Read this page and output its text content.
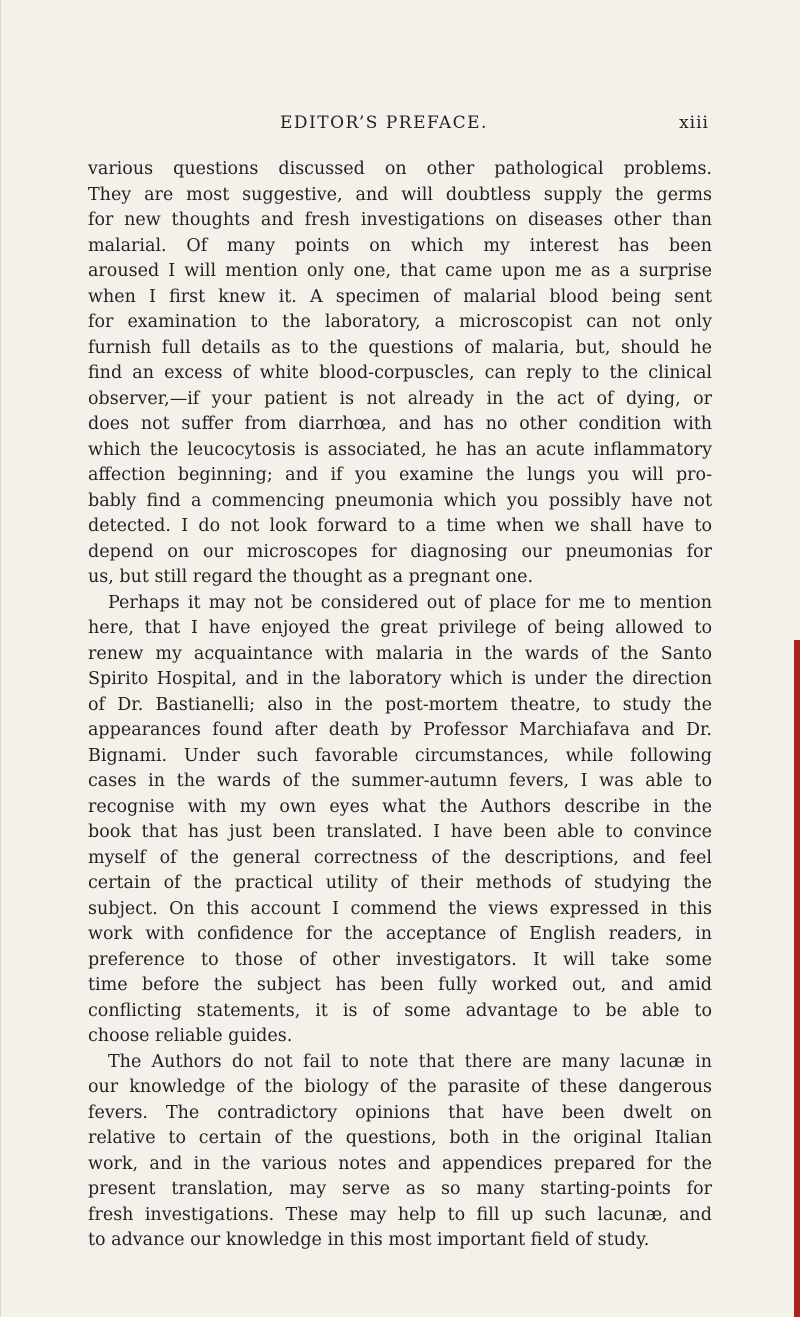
EDITOR’S PREFACE.	xiii
various questions discussed on other pathological problems.
They are most suggestive, and will doubtless supply the germs
for new thoughts and fresh investigations on diseases other than
malarial. Of many points on which my interest has been
aroused I will mention only one, that came upon me as a surprise
when I first knew it. A specimen of malarial blood being sent
for examination to the laboratory, a microscopist can not only
furnish full details as to the questions of malaria, but, should he
find an excess of white blood-corpuscles, can reply to the clinical
observer,—if your patient is not already in the act of dying, or
does not suffer from diarrhœa, and has no other condition with
which the leucocytosis is associated, he has an acute inflammatory
affection beginning; and if you examine the lungs you will pro-
bably find a commencing pneumonia which you possibly have not
detected. I do not look forward to a time when we shall have to
depend on our microscopes for diagnosing our pneumonias for
us, but still regard the thought as a pregnant one.
Perhaps it may not be considered out of place for me to mention
here, that I have enjoyed the great privilege of being allowed to
renew my acquaintance with malaria in the wards of the Santo
Spirito Hospital, and in the laboratory which is under the direction
of Dr. Bastianelli; also in the post-mortem theatre, to study the
appearances found after death by Professor Marchiafava and Dr.
Bignami. Under such favorable circumstances, while following
cases in the wards of the summer-autumn fevers, I was able to
recognise with my own eyes what the Authors describe in the
book that has just been translated. I have been able to convince
myself of the general correctness of the descriptions, and feel
certain of the practical utility of their methods of studying the
subject. On this account I commend the views expressed in this
work with confidence for the acceptance of English readers, in
preference to those of other investigators. It will take some
time before the subject has been fully worked out, and amid
conflicting statements, it is of some advantage to be able to
choose reliable guides.
The Authors do not fail to note that there are many lacunæ in
our knowledge of the biology of the parasite of these dangerous
fevers. The contradictory opinions that have been dwelt on
relative to certain of the questions, both in the original Italian
work, and in the various notes and appendices prepared for the
present translation, may serve as so many starting-points for
fresh investigations. These may help to fill up such lacunæ, and
to advance our knowledge in this most important field of study.
